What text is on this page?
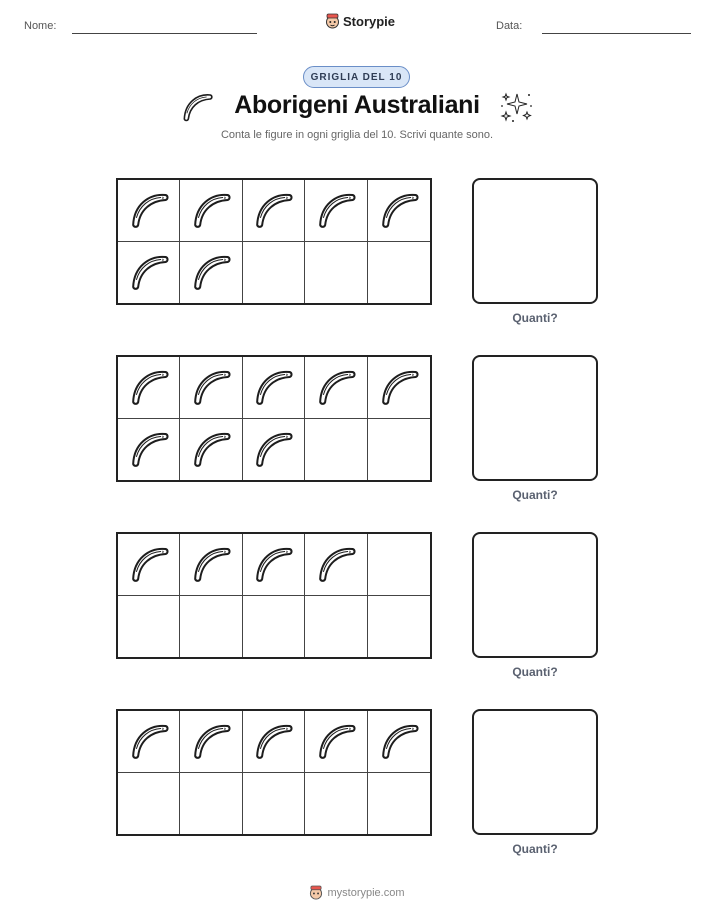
Nome:	Storypie	Data:
GRIGLIA DEL 10
Aborigeni Australiani
Conta le figure in ogni griglia del 10. Scrivi quante sono.
Quanti?
Quanti?
Quanti?
Quanti?
mystorypie.com
